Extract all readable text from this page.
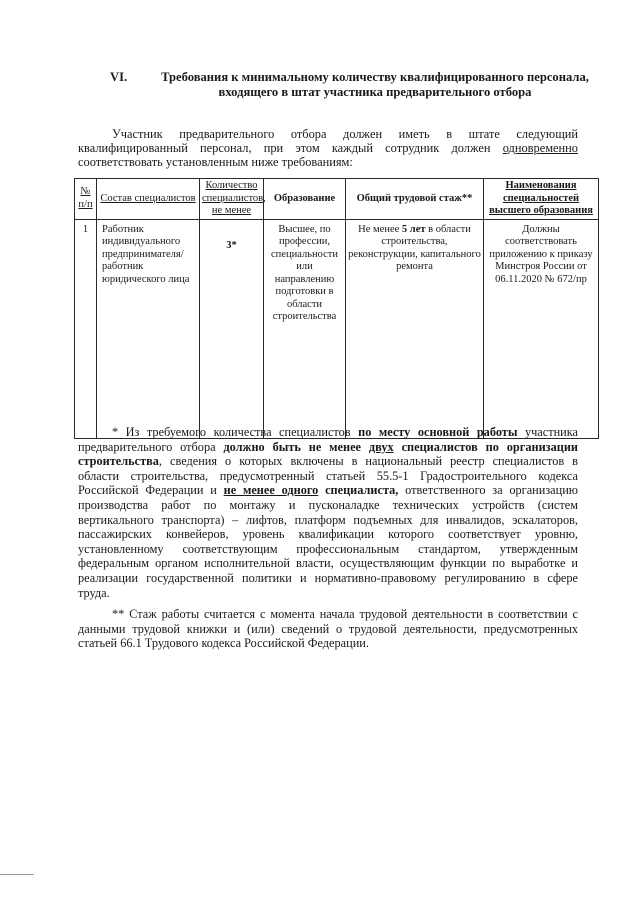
VI.	Требования к минимальному количеству квалифицированного персонала,
входящего в штат участника предварительного отбора
Участник предварительного отбора должен иметь в штате следующий
квалифицированный персонал, при этом каждый сотрудник должен одновременно
соответствовать установленным ниже требованиям:
№ п/п	Состав специалистов	Количество специалистов, не менее	Образование	Общий трудовой стаж**	Наименования специальностей высшего образования
1	Работник индивидуального предпринимателя/ работник юридического лица	3*	Высшее, по профессии, специальности или направлению подготовки в области строительства	Не менее 5 лет в области строительства, реконструкции, капитального ремонта	Должны соответствовать приложению к приказу Минстроя России от 06.11.2020 № 672/пр
* Из требуемого количества специалистов по месту основной работы участника
предварительного отбора должно быть не менее двух специалистов по организации
строительства, сведения о которых включены в национальный реестр специалистов в
области строительства, предусмотренный статьей 55.5-1 Градостроительного кодекса
Российской Федерации и не менее одного специалиста, ответственного за организацию
производства работ по монтажу и пусконаладке технических устройств (систем
вертикального транспорта) – лифтов, платформ подъемных для инвалидов, эскалаторов,
пассажирских конвейеров, уровень квалификации которого соответствует уровню,
установленному соответствующим профессиональным стандартом, утвержденным
федеральным органом исполнительной власти, осуществляющим функции по выработке и
реализации государственной политики и нормативно-правовому регулированию в сфере
труда.
** Стаж работы считается с момента начала трудовой деятельности в соответствии с
данными трудовой книжки и (или) сведений о трудовой деятельности, предусмотренных
статьей 66.1 Трудового кодекса Российской Федерации.
